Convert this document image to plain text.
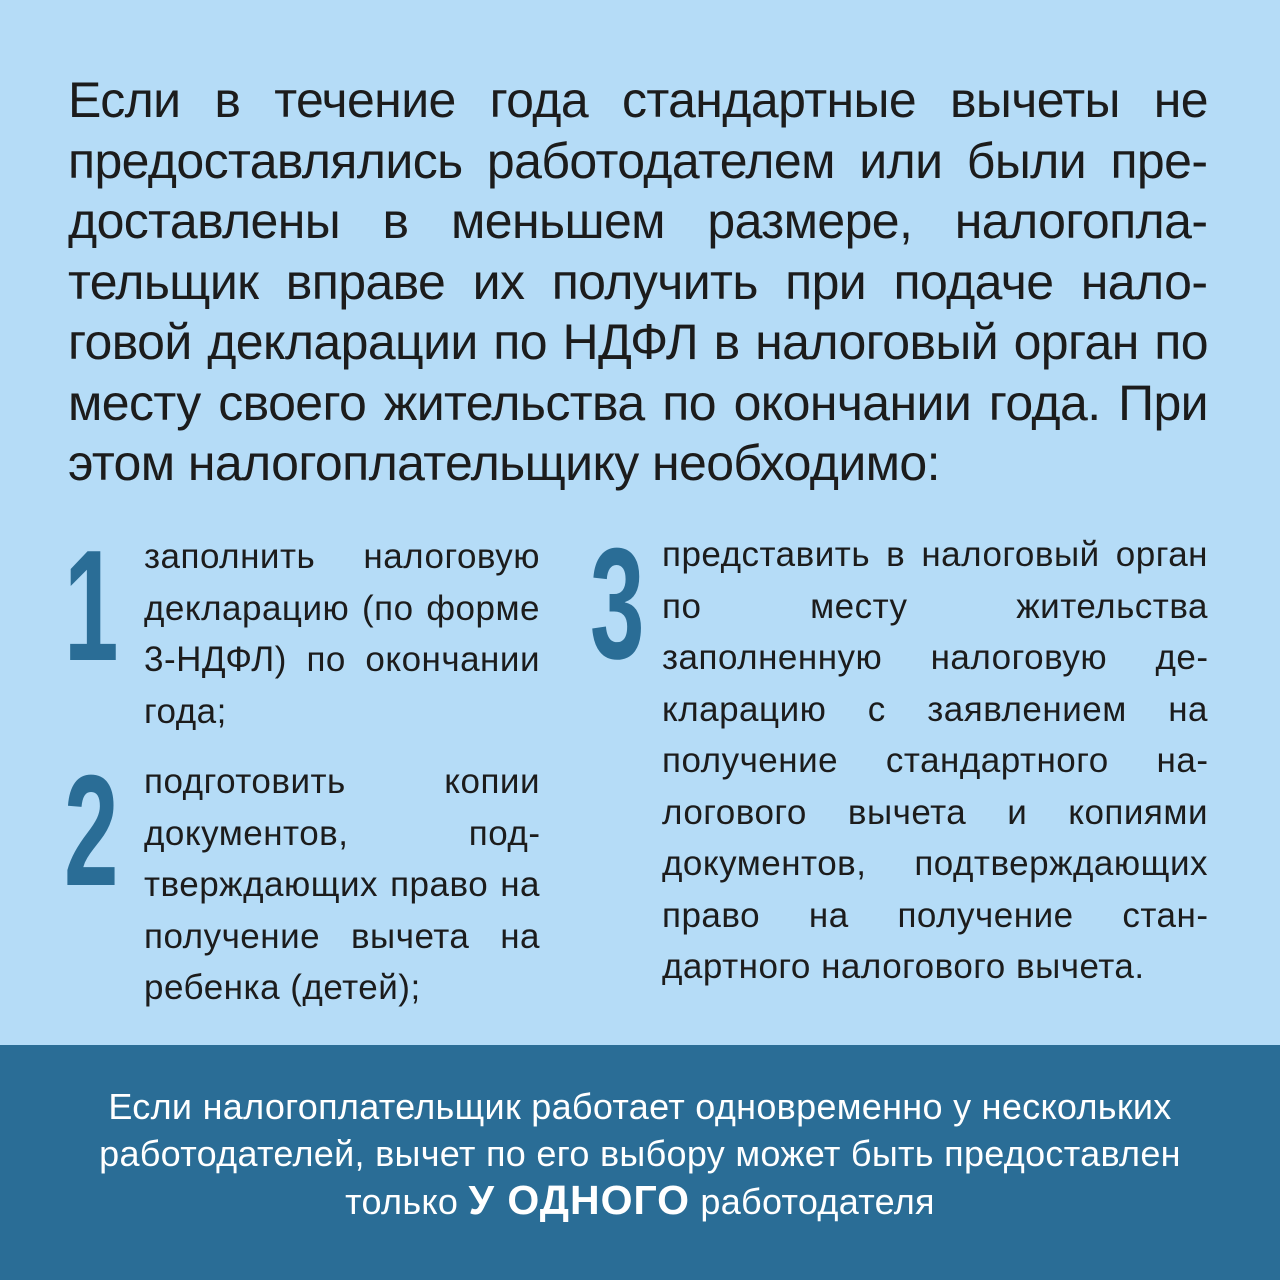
Если в течение года стандартные вычеты не предоставлялись работодателем или были предоставлены в меньшем размере, налогоплательщик вправе их получить при подаче налоговой декларации по НДФЛ в налоговый орган по месту своего жительства по окончании года. При этом налогоплательщику необходимо:

1 заполнить налоговую декларацию (по форме 3-НДФЛ) по окончании года;

2 подготовить копии документов, подтверждающих право на получение вычета на ребенка (детей);

3 представить в налоговый орган по месту жительства заполненную налоговую декларацию с заявлением на получение стандартного налогового вычета и копиями документов, подтверждающих право на получение стандартного налогового вычета.

Если налогоплательщик работает одновременно у нескольких работодателей, вычет по его выбору может быть предоставлен только У ОДНОГО работодателя
